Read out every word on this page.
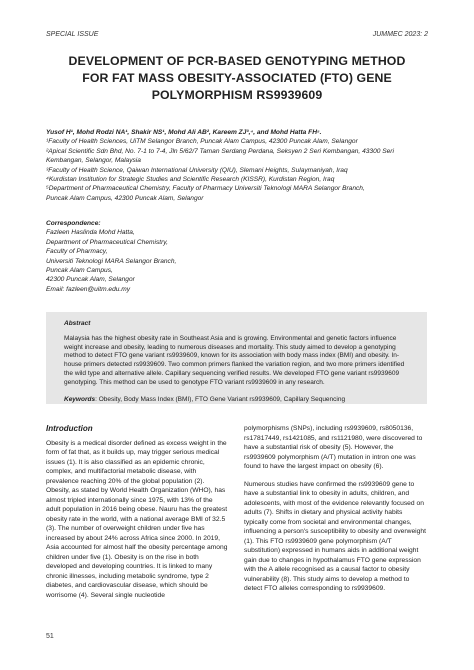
SPECIAL ISSUE	JUMMEC 2023: 2
DEVELOPMENT OF PCR-BASED GENOTYPING METHOD
FOR FAT MASS OBESITY-ASSOCIATED (FTO) GENE
POLYMORPHISM RS9939609
Yusof H¹, Mohd Rodzi NA¹, Shakir NS¹, Mohd Ali AB², Kareem ZJ³,⁴, and Mohd Hatta FH⁵.
¹Faculty of Health Sciences, UiTM Selangor Branch, Puncak Alam Campus, 42300 Puncak Alam, Selangor
²Apical Scientific Sdn Bhd, No. 7-1 to 7-4, Jln 5/62/7 Taman Serdang Perdana, Seksyen 2 Seri Kembangan, 43300 Seri
Kembangan, Selangor, Malaysia
³Faculty of Health Science, Qaiwan International University (QIU), Slemani Heights, Sulaymaniyah, Iraq
⁴Kurdistan Institution for Strategic Studies and Scientific Research (KISSR), Kurdistan Region, Iraq
⁵Department of Pharmaceutical Chemistry, Faculty of Pharmacy Universiti Teknologi MARA Selangor Branch,
Puncak Alam Campus, 42300 Puncak Alam, Selangor
Correspondence:
Fazleen Haslinda Mohd Hatta,
Department of Pharmaceutical Chemistry,
Faculty of Pharmacy,
Universiti Teknologi MARA Selangor Branch,
Puncak Alam Campus,
42300 Puncak Alam, Selangor
Email: fazleen@uitm.edu.my
Abstract

Malaysia has the highest obesity rate in Southeast Asia and is growing. Environmental and genetic factors influence weight increase and obesity, leading to numerous diseases and mortality. This study aimed to develop a genotyping method to detect FTO gene variant rs9939609, known for its association with body mass index (BMI) and obesity. In-house primers detected rs9939609. Two common primers flanked the variation region, and two more primers identified the wild type and alternative allele. Capillary sequencing verified results. We developed FTO gene variant rs9939609 genotyping. This method can be used to genotype FTO variant rs9939609 in any research.

Keywords: Obesity, Body Mass Index (BMI), FTO Gene Variant rs9939609, Capillary Sequencing
Introduction

Obesity is a medical disorder defined as excess weight in the form of fat that, as it builds up, may trigger serious medical issues (1). It is also classified as an epidemic chronic, complex, and multifactorial metabolic disease, with prevalence reaching 20% of the global population (2). Obesity, as stated by World Health Organization (WHO), has almost tripled internationally since 1975, with 13% of the adult population in 2016 being obese. Nauru has the greatest obesity rate in the world, with a national average BMI of 32.5 (3). The number of overweight children under five has increased by about 24% across Africa since 2000. In 2019, Asia accounted for almost half the obesity percentage among children under five (1). Obesity is on the rise in both developed and developing countries. It is linked to many chronic illnesses, including metabolic syndrome, type 2 diabetes, and cardiovascular disease, which should be worrisome (4). Several single nucleotide

polymorphisms (SNPs), including rs9939609, rs8050136, rs17817449, rs1421085, and rs1121980, were discovered to have a substantial risk of obesity (5). However, the rs9939609 polymorphism (A/T) mutation in intron one was found to have the largest impact on obesity (6).

Numerous studies have confirmed the rs9939609 gene to have a substantial link to obesity in adults, children, and adolescents, with most of the evidence relevantly focused on adults (7). Shifts in dietary and physical activity habits typically come from societal and environmental changes, influencing a person's susceptibility to obesity and overweight (1). This FTO rs9939609 gene polymorphism (A/T substitution) expressed in humans aids in additional weight gain due to changes in hypothalamus FTO gene expression with the A allele recognised as a causal factor to obesity vulnerability (8). This study aims to develop a method to detect FTO alleles corresponding to rs9939609.

51
